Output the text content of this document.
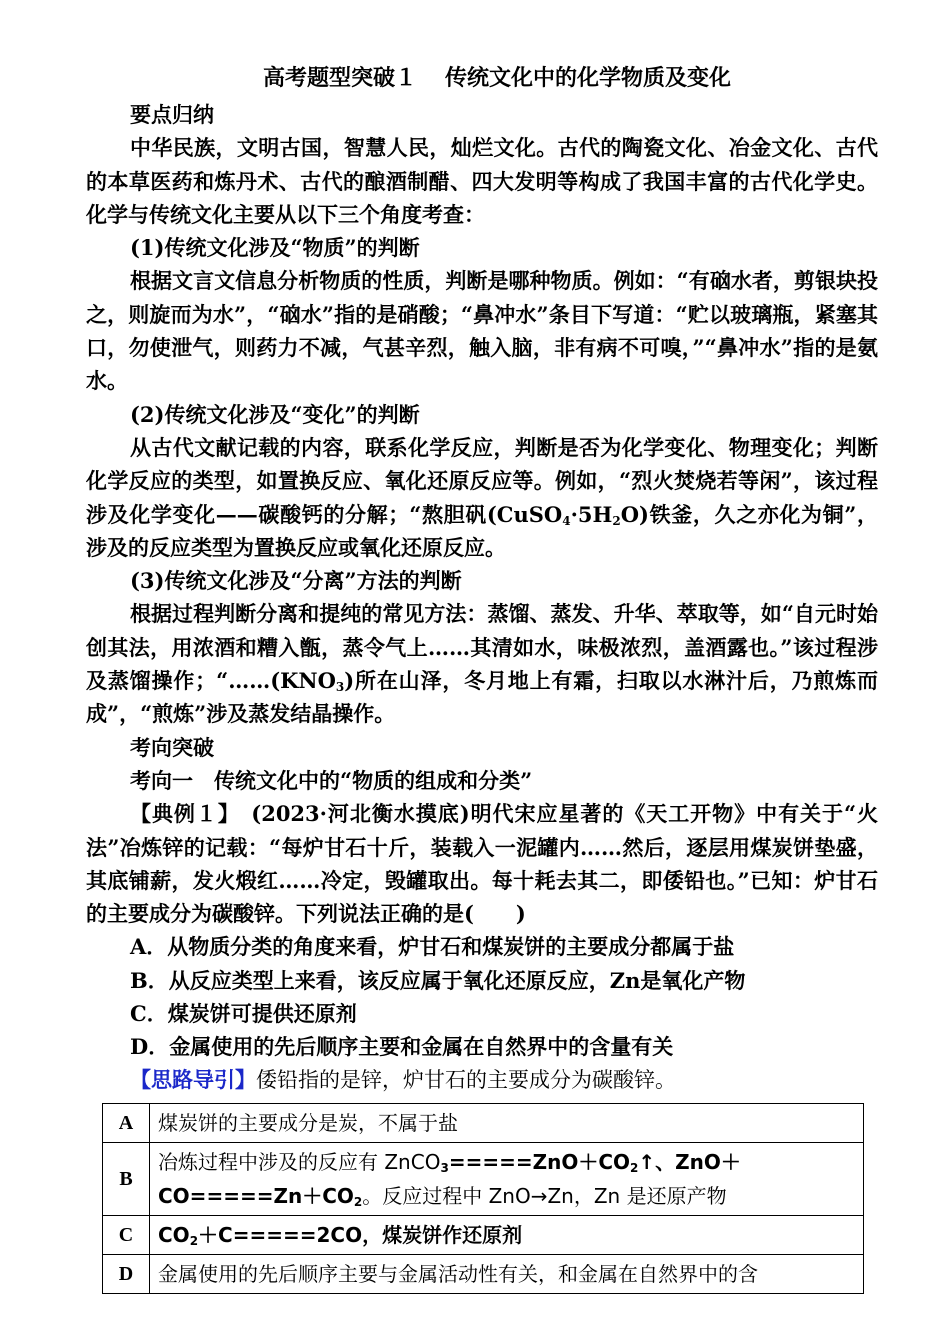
高考题型突破１ 传统文化中的化学物质及变化

要点归纳

中华民族，文明古国，智慧人民，灿烂文化。古代的陶瓷文化、冶金文化、古代的本草医药和炼丹术、古代的酿酒制醋、四大发明等构成了我国丰富的古代化学史。化学与传统文化主要从以下三个角度考查：

(1)传统文化涉及“物质”的判断

根据文言文信息分析物质的性质，判断是哪种物质。例如：“有硇水者，剪银块投之，则旋而为水”，“硇水”指的是硝酸；“鼻冲水”条目下写道：“贮以玻璃瓶，紧塞其口，勿使泄气，则药力不减，气甚辛烈，触入脑，非有病不可嗅，”“鼻冲水”指的是氨水。

(2)传统文化涉及“变化”的判断

从古代文献记载的内容，联系化学反应，判断是否为化学变化、物理变化；判断化学反应的类型，如置换反应、氧化还原反应等。例如，“烈火焚烧若等闲”，该过程涉及化学变化——碳酸钙的分解；“熬胆矾$(CuSO_4\cdot 5H_2O)$铁釜，久之亦化为铜”，涉及的反应类型为置换反应或氧化还原反应。

(3)传统文化涉及“分离”方法的判断

根据过程判断分离和提纯的常见方法：蒸馏、蒸发、升华、萃取等，如“自元时始创其法，用浓酒和糟入甑，蒸令气上……其清如水，味极浓烈，盖酒露也。”该过程涉及蒸馏操作；“$\dots\dots(KNO_3)$所在山泽，冬月地上有霜，扫取以水淋汁后，乃煎炼而成”，“煎炼”涉及蒸发结晶操作。

考向突破

考向一　传统文化中的“物质的组成和分类”

【典例１】　(2023·河北衡水摸底)明代宋应星著的《天工开物》中有关于“火法”冶炼锌的记载：“每炉甘石十斤，装载入一泥罐内……然后，逐层用煤炭饼垫盛，其底铺薪，发火煅红……冷定，毁罐取出。每十耗去其二，即倭铅也。”已知：炉甘石的主要成分为碳酸锌。下列说法正确的是(　　)

A．从物质分类的角度来看，炉甘石和煤炭饼的主要成分都属于盐

B．从反应类型上来看，该反应属于氧化还原反应，Zn是氧化产物

C．煤炭饼可提供还原剂

D．金属使用的先后顺序主要和金属在自然界中的含量有关

【思路导引】倭铅指的是锌，炉甘石的主要成分为碳酸锌。

A	煤炭饼的主要成分是炭，不属于盐
B	冶炼过程中涉及的反应有 $ZnCO_3=====ZnO+CO_2↑$、ZnO＋
$CO=====Zn+CO_2$。反应过程中 ZnO→Zn，Zn 是还原产物
C	$CO_2+C=====2CO$，煤炭饼作还原剂
D	金属使用的先后顺序主要与金属活动性有关，和金属在自然界中的含
